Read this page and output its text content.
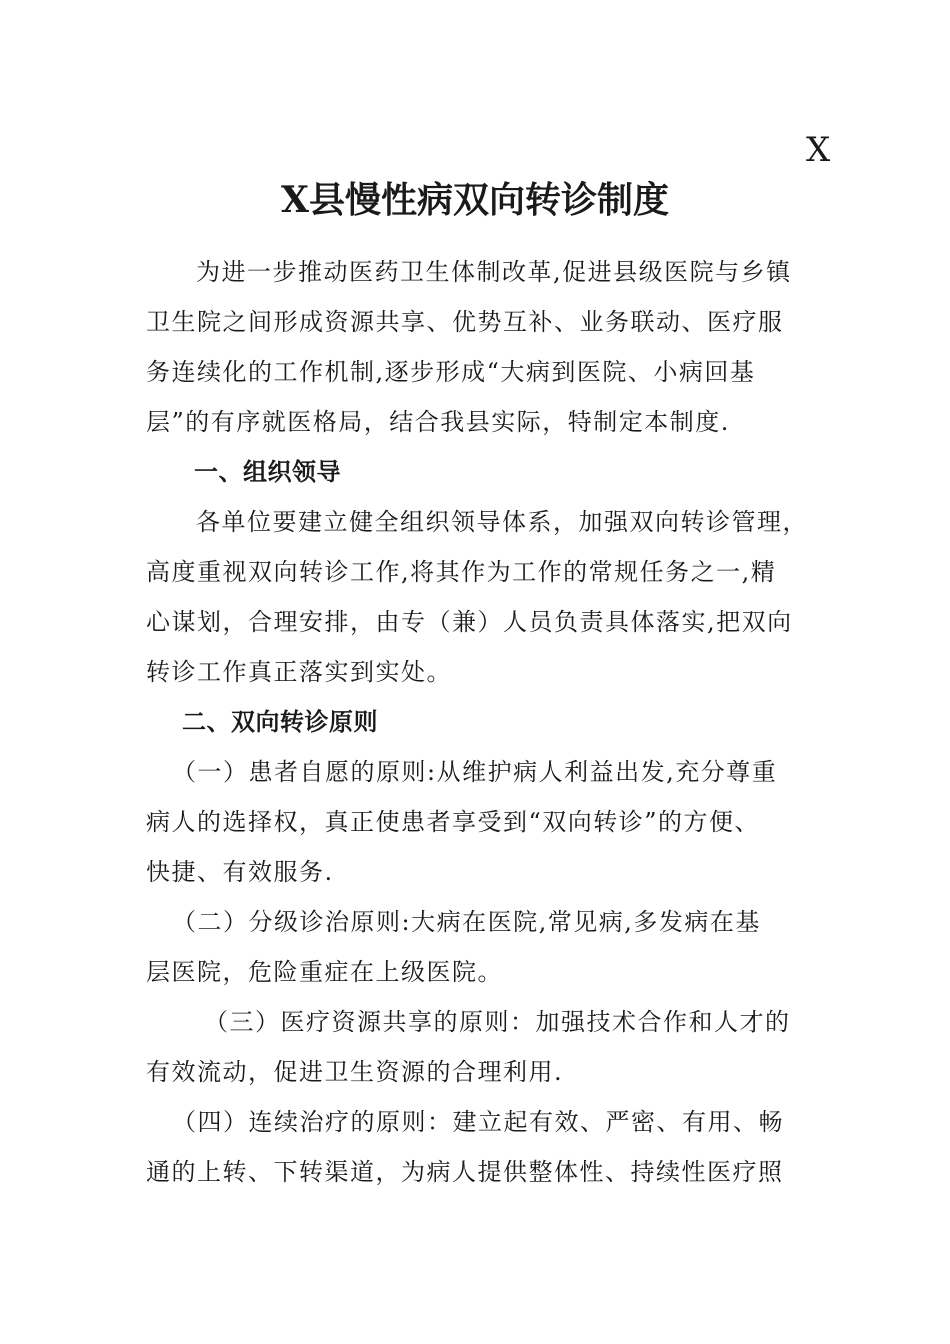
X
X县慢性病双向转诊制度
为进一步推动医药卫生体制改革,促进县级医院与乡镇
卫生院之间形成资源共享、优势互补、业务联动、医疗服
务连续化的工作机制,逐步形成“大病到医院、小病回基
层”的有序就医格局，结合我县实际，特制定本制度.
一、组织领导
各单位要建立健全组织领导体系，加强双向转诊管理，
高度重视双向转诊工作,将其作为工作的常规任务之一,精
心谋划，合理安排，由专（兼）人员负责具体落实,把双向
转诊工作真正落实到实处。
二、双向转诊原则
（一）患者自愿的原则:从维护病人利益出发,充分尊重
病人的选择权，真正使患者享受到“双向转诊”的方便、
快捷、有效服务.
（二）分级诊治原则:大病在医院,常见病,多发病在基
层医院，危险重症在上级医院。
（三）医疗资源共享的原则：加强技术合作和人才的
有效流动，促进卫生资源的合理利用.
（四）连续治疗的原则：建立起有效、严密、有用、畅
通的上转、下转渠道，为病人提供整体性、持续性医疗照
